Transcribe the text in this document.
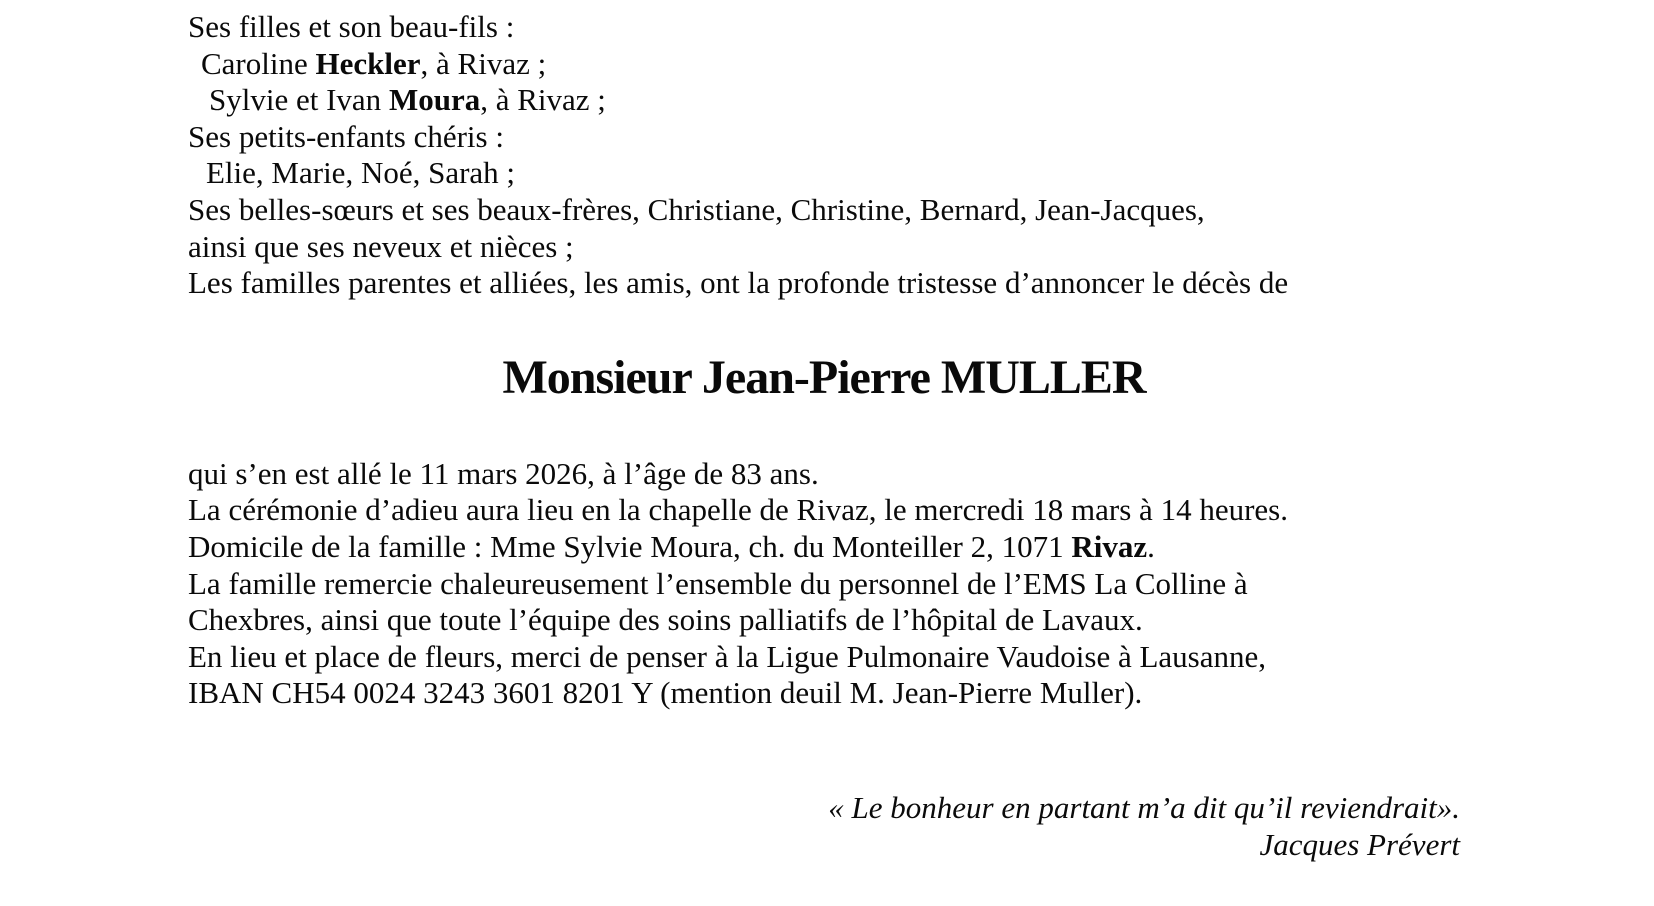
Ses filles et son beau-fils :
Caroline Heckler, à Rivaz ;
Sylvie et Ivan Moura, à Rivaz ;
Ses petits-enfants chéris :
Elie, Marie, Noé, Sarah ;
Ses belles-sœurs et ses beaux-frères, Christiane, Christine, Bernard, Jean-Jacques,
ainsi que ses neveux et nièces ;
Les familles parentes et alliées, les amis, ont la profonde tristesse d’annoncer le décès de
Monsieur Jean-Pierre MULLER
qui s’en est allé le 11 mars 2026, à l’âge de 83 ans.
La cérémonie d’adieu aura lieu en la chapelle de Rivaz, le mercredi 18 mars à 14 heures.
Domicile de la famille : Mme Sylvie Moura, ch. du Monteiller 2, 1071 Rivaz.
La famille remercie chaleureusement l’ensemble du personnel de l’EMS La Colline à
Chexbres, ainsi que toute l’équipe des soins palliatifs de l’hôpital de Lavaux.
En lieu et place de fleurs, merci de penser à la Ligue Pulmonaire Vaudoise à Lausanne,
IBAN CH54 0024 3243 3601 8201 Y (mention deuil M. Jean-Pierre Muller).
« Le bonheur en partant m’a dit qu’il reviendrait».
Jacques Prévert
